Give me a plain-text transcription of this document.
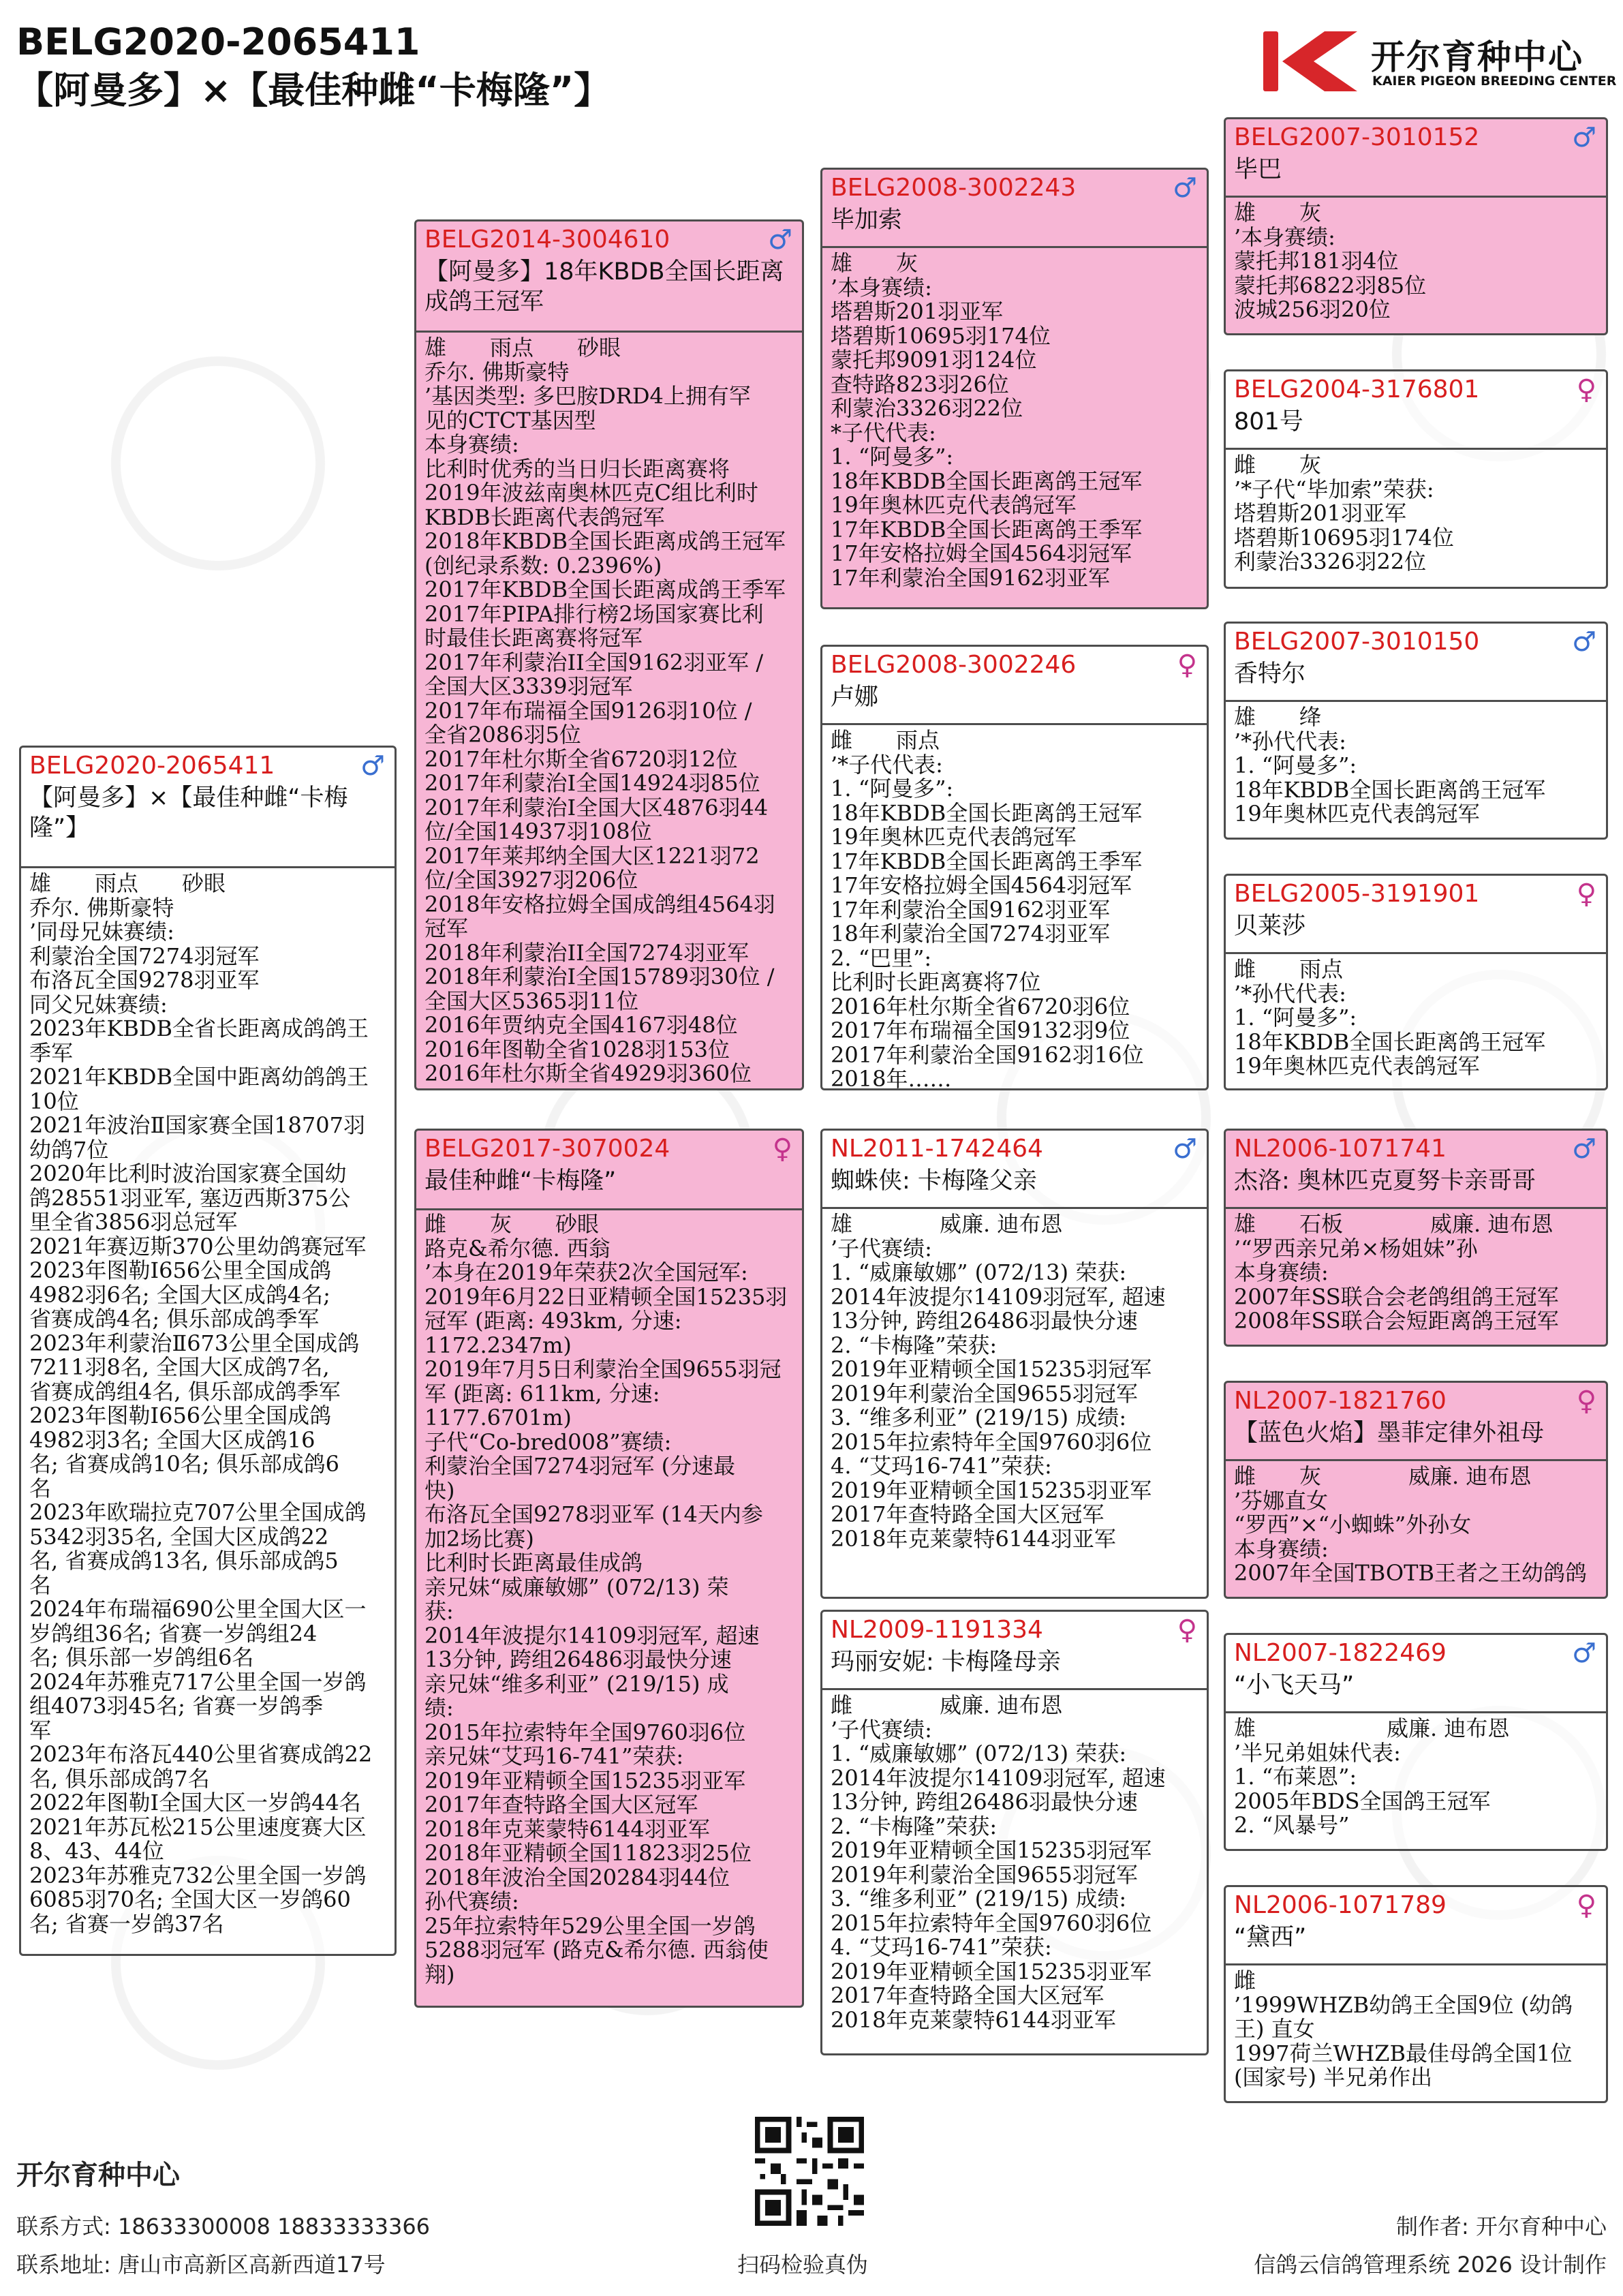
BELG2020-2065411
【阿曼多】×【最佳种雌“卡梅隆”】
开尔育种中心
KAIER PIGEON BREEDING CENTER
BELG2020-2065411	♂
【阿曼多】×【最佳种雌“卡梅隆”】
雄　　雨点　　砂眼
乔尔. 佛斯豪特
’同母兄妹赛绩:
利蒙治全国7274羽冠军
布洛瓦全国9278羽亚军
同父兄妹赛绩:
2023年KBDB全省长距离成鸽鸽王
季军
2021年KBDB全国中距离幼鸽鸽王
10位
2021年波治Ⅱ国家赛全国18707羽
幼鸽7位
2020年比利时波治国家赛全国幼
鸽28551羽亚军, 塞迈西斯375公
里全省3856羽总冠军
2021年赛迈斯370公里幼鸽赛冠军
2023年图勒I656公里全国成鸽
4982羽6名; 全国大区成鸽4名;
省赛成鸽4名; 俱乐部成鸽季军
2023年利蒙治Ⅱ673公里全国成鸽
7211羽8名, 全国大区成鸽7名,
省赛成鸽组4名, 俱乐部成鸽季军
2023年图勒I656公里全国成鸽
4982羽3名; 全国大区成鸽16
名; 省赛成鸽10名; 俱乐部成鸽6
名
2023年欧瑞拉克707公里全国成鸽
5342羽35名, 全国大区成鸽22
名, 省赛成鸽13名, 俱乐部成鸽5
名
2024年布瑞福690公里全国大区一
岁鸽组36名; 省赛一岁鸽组24
名; 俱乐部一岁鸽组6名
2024年苏雅克717公里全国一岁鸽
组4073羽45名; 省赛一岁鸽季
军
2023年布洛瓦440公里省赛成鸽22
名, 俱乐部成鸽7名
2022年图勒I全国大区一岁鸽44名
2021年苏瓦松215公里速度赛大区
8、43、44位
2023年苏雅克732公里全国一岁鸽
6085羽70名; 全国大区一岁鸽60
名; 省赛一岁鸽37名
BELG2014-3004610	♂
【阿曼多】18年KBDB全国长距离成鸽王冠军
雄　　雨点　　砂眼
乔尔. 佛斯豪特
’基因类型: 多巴胺DRD4上拥有罕
见的CTCT基因型
本身赛绩:
比利时优秀的当日归长距离赛将
2019年波兹南奥林匹克C组比利时
KBDB长距离代表鸽冠军
2018年KBDB全国长距离成鸽王冠军
(创纪录系数: 0.2396%)
2017年KBDB全国长距离成鸽王季军
2017年PIPA排行榜2场国家赛比利
时最佳长距离赛将冠军
2017年利蒙治II全国9162羽亚军 /
全国大区3339羽冠军
2017年布瑞福全国9126羽10位 /
全省2086羽5位
2017年杜尔斯全省6720羽12位
2017年利蒙治I全国14924羽85位
2017年利蒙治I全国大区4876羽44
位/全国14937羽108位
2017年莱邦纳全国大区1221羽72
位/全国3927羽206位
2018年安格拉姆全国成鸽组4564羽
冠军
2018年利蒙治II全国7274羽亚军
2018年利蒙治I全国15789羽30位 /
全国大区5365羽11位
2016年贾纳克全国4167羽48位
2016年图勒全省1028羽153位
2016年杜尔斯全省4929羽360位
BELG2017-3070024	♀
最佳种雌“卡梅隆”
雌　　灰　　砂眼
路克&希尔德. 西翁
’本身在2019年荣获2次全国冠军:
2019年6月22日亚精顿全国15235羽
冠军 (距离: 493km, 分速:
1172.2347m)
2019年7月5日利蒙治全国9655羽冠
军 (距离: 611km, 分速:
1177.6701m)
子代“Co-bred008”赛绩:
利蒙治全国7274羽冠军 (分速最
快)
布洛瓦全国9278羽亚军 (14天内参
加2场比赛)
比利时长距离最佳成鸽
亲兄妹“威廉敏娜” (072/13) 荣
获:
2014年波提尔14109羽冠军, 超速
13分钟, 跨组26486羽最快分速
亲兄妹“维多利亚” (219/15) 成
绩:
2015年拉索特年全国9760羽6位
亲兄妹“艾玛16-741”荣获:
2019年亚精顿全国15235羽亚军
2017年查特路全国大区冠军
2018年克莱蒙特6144羽亚军
2018年亚精顿全国11823羽25位
2018年波治全国20284羽44位
孙代赛绩:
25年拉索特年529公里全国一岁鸽
5288羽冠军 (路克&希尔德. 西翁使
翔)
BELG2008-3002243	♂
毕加索
雄　　灰
’本身赛绩:
塔碧斯201羽亚军
塔碧斯10695羽174位
蒙托邦9091羽124位
查特路823羽26位
利蒙治3326羽22位
*子代代表:
1. “阿曼多”:
18年KBDB全国长距离鸽王冠军
19年奥林匹克代表鸽冠军
17年KBDB全国长距离鸽王季军
17年安格拉姆全国4564羽冠军
17年利蒙治全国9162羽亚军
BELG2008-3002246	♀
卢娜
雌　　雨点
’*子代代表:
1. “阿曼多”:
18年KBDB全国长距离鸽王冠军
19年奥林匹克代表鸽冠军
17年KBDB全国长距离鸽王季军
17年安格拉姆全国4564羽冠军
17年利蒙治全国9162羽亚军
18年利蒙治全国7274羽亚军
2. “巴里”:
比利时长距离赛将7位
2016年杜尔斯全省6720羽6位
2017年布瑞福全国9132羽9位
2017年利蒙治全国9162羽16位
2018年……
NL2011-1742464	♂
蜘蛛侠: 卡梅隆父亲
雄　　　　威廉. 迪布恩
’子代赛绩:
1. “威廉敏娜” (072/13) 荣获:
2014年波提尔14109羽冠军, 超速
13分钟, 跨组26486羽最快分速
2. “卡梅隆”荣获:
2019年亚精顿全国15235羽冠军
2019年利蒙治全国9655羽冠军
3. “维多利亚” (219/15) 成绩:
2015年拉索特年全国9760羽6位
4. “艾玛16-741”荣获:
2019年亚精顿全国15235羽亚军
2017年查特路全国大区冠军
2018年克莱蒙特6144羽亚军
NL2009-1191334	♀
玛丽安妮: 卡梅隆母亲
雌　　　　威廉. 迪布恩
’子代赛绩:
1. “威廉敏娜” (072/13) 荣获:
2014年波提尔14109羽冠军, 超速
13分钟, 跨组26486羽最快分速
2. “卡梅隆”荣获:
2019年亚精顿全国15235羽冠军
2019年利蒙治全国9655羽冠军
3. “维多利亚” (219/15) 成绩:
2015年拉索特年全国9760羽6位
4. “艾玛16-741”荣获:
2019年亚精顿全国15235羽亚军
2017年查特路全国大区冠军
2018年克莱蒙特6144羽亚军
BELG2007-3010152	♂
毕巴
雄　　灰
’本身赛绩:
蒙托邦181羽4位
蒙托邦6822羽85位
波城256羽20位
BELG2004-3176801	♀
801号
雌　　灰
’*子代“毕加索”荣获:
塔碧斯201羽亚军
塔碧斯10695羽174位
利蒙治3326羽22位
BELG2007-3010150	♂
香特尔
雄　　绛
’*孙代代表:
1. “阿曼多”:
18年KBDB全国长距离鸽王冠军
19年奥林匹克代表鸽冠军
BELG2005-3191901	♀
贝莱莎
雌　　雨点
’*孙代代表:
1. “阿曼多”:
18年KBDB全国长距离鸽王冠军
19年奥林匹克代表鸽冠军
NL2006-1071741	♂
杰洛: 奥林匹克夏努卡亲哥哥
雄　　石板　　　　威廉. 迪布恩
’“罗西亲兄弟×杨姐妹”孙
本身赛绩:
2007年SS联合会老鸽组鸽王冠军
2008年SS联合会短距离鸽王冠军
NL2007-1821760	♀
【蓝色火焰】墨菲定律外祖母
雌　　灰　　　　威廉. 迪布恩
’芬娜直女
“罗西”×“小蜘蛛”外孙女
本身赛绩:
2007年全国TBOTB王者之王幼鸽鸽
NL2007-1822469	♂
“小飞天马”
雄　　　　　　威廉. 迪布恩
’半兄弟姐妹代表:
1. “布莱恩”:
2005年BDS全国鸽王冠军
2. “风暴号”
NL2006-1071789	♀
“黛西”
雌
’1999WHZB幼鸽王全国9位 (幼鸽
王) 直女
1997荷兰WHZB最佳母鸽全国1位
(国家号) 半兄弟作出
开尔育种中心
联系方式: 18633300008 18833333366
联系地址: 唐山市高新区高新西道17号	扫码检验真伪
制作者: 开尔育种中心
信鸽云信鸽管理系统 2026 设计制作
